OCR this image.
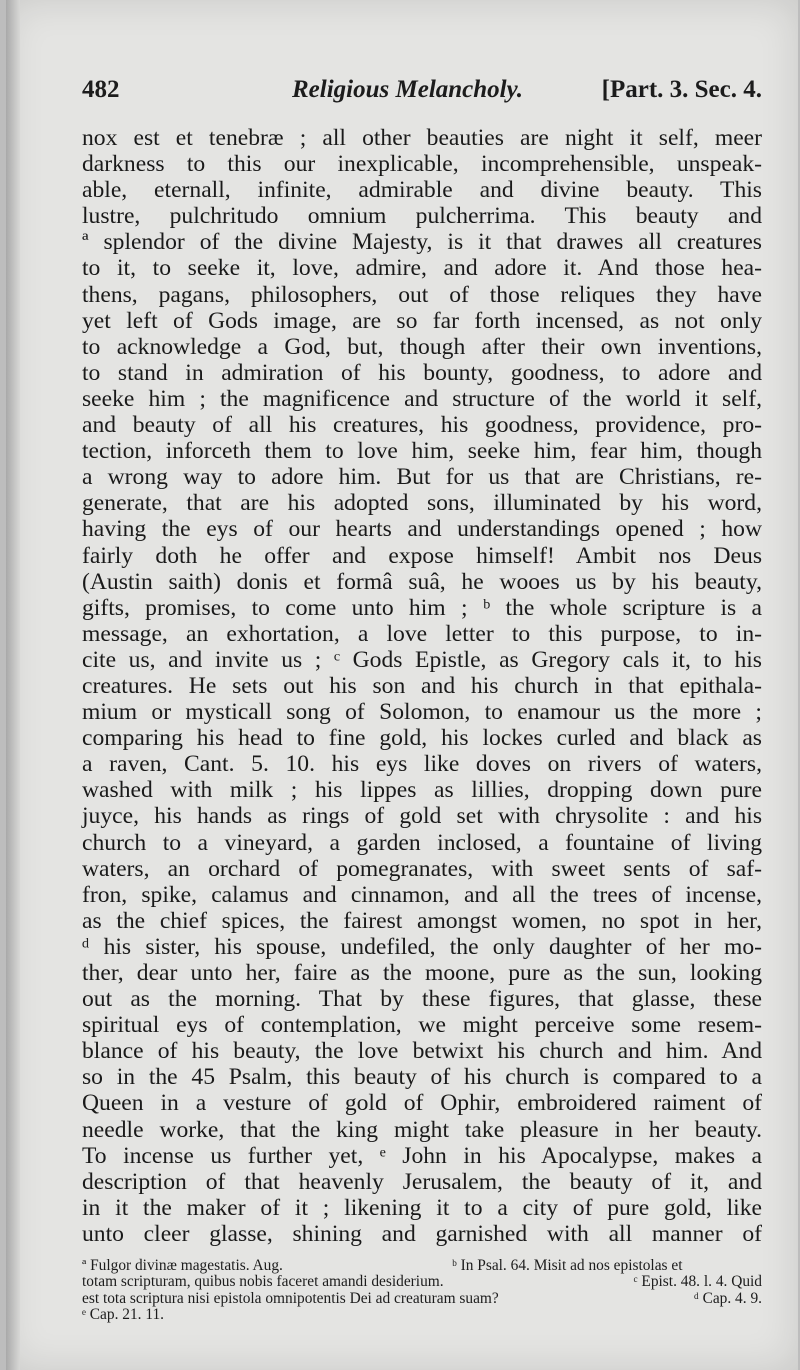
482	Religious Melancholy.	[Part. 3. Sec. 4.
nox est et tenebræ ; all other beauties are night it self, meer
darkness to this our inexplicable, incomprehensible, unspeak-
able, eternall, infinite, admirable and divine beauty. This
lustre, pulchritudo omnium pulcherrima. This beauty and
ª splendor of the divine Majesty, is it that drawes all creatures
to it, to seeke it, love, admire, and adore it. And those hea-
thens, pagans, philosophers, out of those reliques they have
yet left of Gods image, are so far forth incensed, as not only
to acknowledge a God, but, though after their own inventions,
to stand in admiration of his bounty, goodness, to adore and
seeke him ; the magnificence and structure of the world it self,
and beauty of all his creatures, his goodness, providence, pro-
tection, inforceth them to love him, seeke him, fear him, though
a wrong way to adore him. But for us that are Christians, re-
generate, that are his adopted sons, illuminated by his word,
having the eys of our hearts and understandings opened ; how
fairly doth he offer and expose himself! Ambit nos Deus
(Austin saith) donis et formâ suâ, he wooes us by his beauty,
gifts, promises, to come unto him ; ᵇ the whole scripture is a
message, an exhortation, a love letter to this purpose, to in-
cite us, and invite us ; ᶜ Gods Epistle, as Gregory cals it, to his
creatures. He sets out his son and his church in that epithala-
mium or mysticall song of Solomon, to enamour us the more ;
comparing his head to fine gold, his lockes curled and black as
a raven, Cant. 5. 10. his eys like doves on rivers of waters,
washed with milk ; his lippes as lillies, dropping down pure
juyce, his hands as rings of gold set with chrysolite : and his
church to a vineyard, a garden inclosed, a fountaine of living
waters, an orchard of pomegranates, with sweet sents of saf-
fron, spike, calamus and cinnamon, and all the trees of incense,
as the chief spices, the fairest amongst women, no spot in her,
ᵈ his sister, his spouse, undefiled, the only daughter of her mo-
ther, dear unto her, faire as the moone, pure as the sun, looking
out as the morning. That by these figures, that glasse, these
spiritual eys of contemplation, we might perceive some resem-
blance of his beauty, the love betwixt his church and him. And
so in the 45 Psalm, this beauty of his church is compared to a
Queen in a vesture of gold of Ophir, embroidered raiment of
needle worke, that the king might take pleasure in her beauty.
To incense us further yet, ᵉ John in his Apocalypse, makes a
description of that heavenly Jerusalem, the beauty of it, and
in it the maker of it ; likening it to a city of pure gold, like
unto cleer glasse, shining and garnished with all manner of
ª Fulgor divinæ magestatis. Aug.	ᵇ In Psal. 64. Misit ad nos epistolas et
totam scripturam, quibus nobis faceret amandi desiderium.	ᶜ Epist. 48. l. 4. Quid
est tota scriptura nisi epistola omnipotentis Dei ad creaturam suam?	ᵈ Cap. 4. 9.
ᵉ Cap. 21. 11.
